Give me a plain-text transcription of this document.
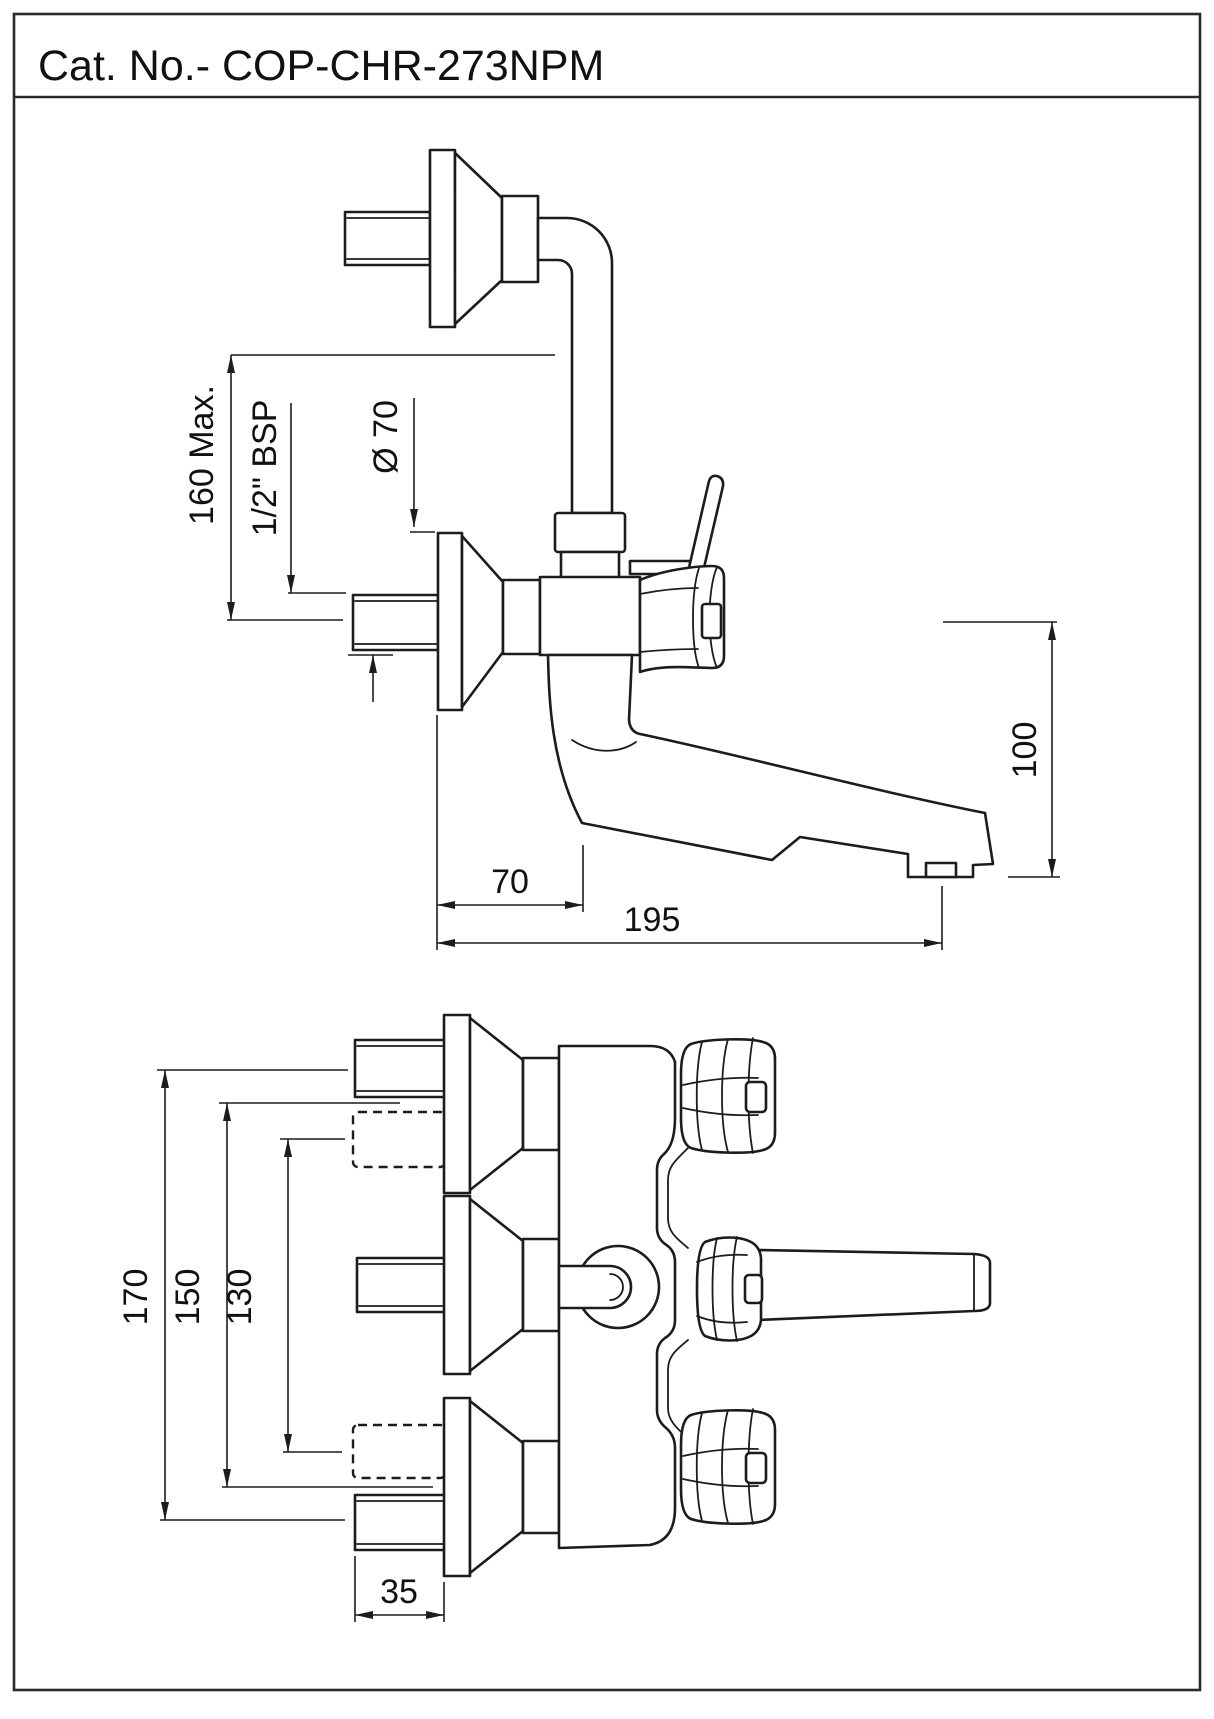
Cat. No.- COP-CHR-273NPM
160 Max. 1/2" BSP Ø 70
70
195
100
170 150 130
35
